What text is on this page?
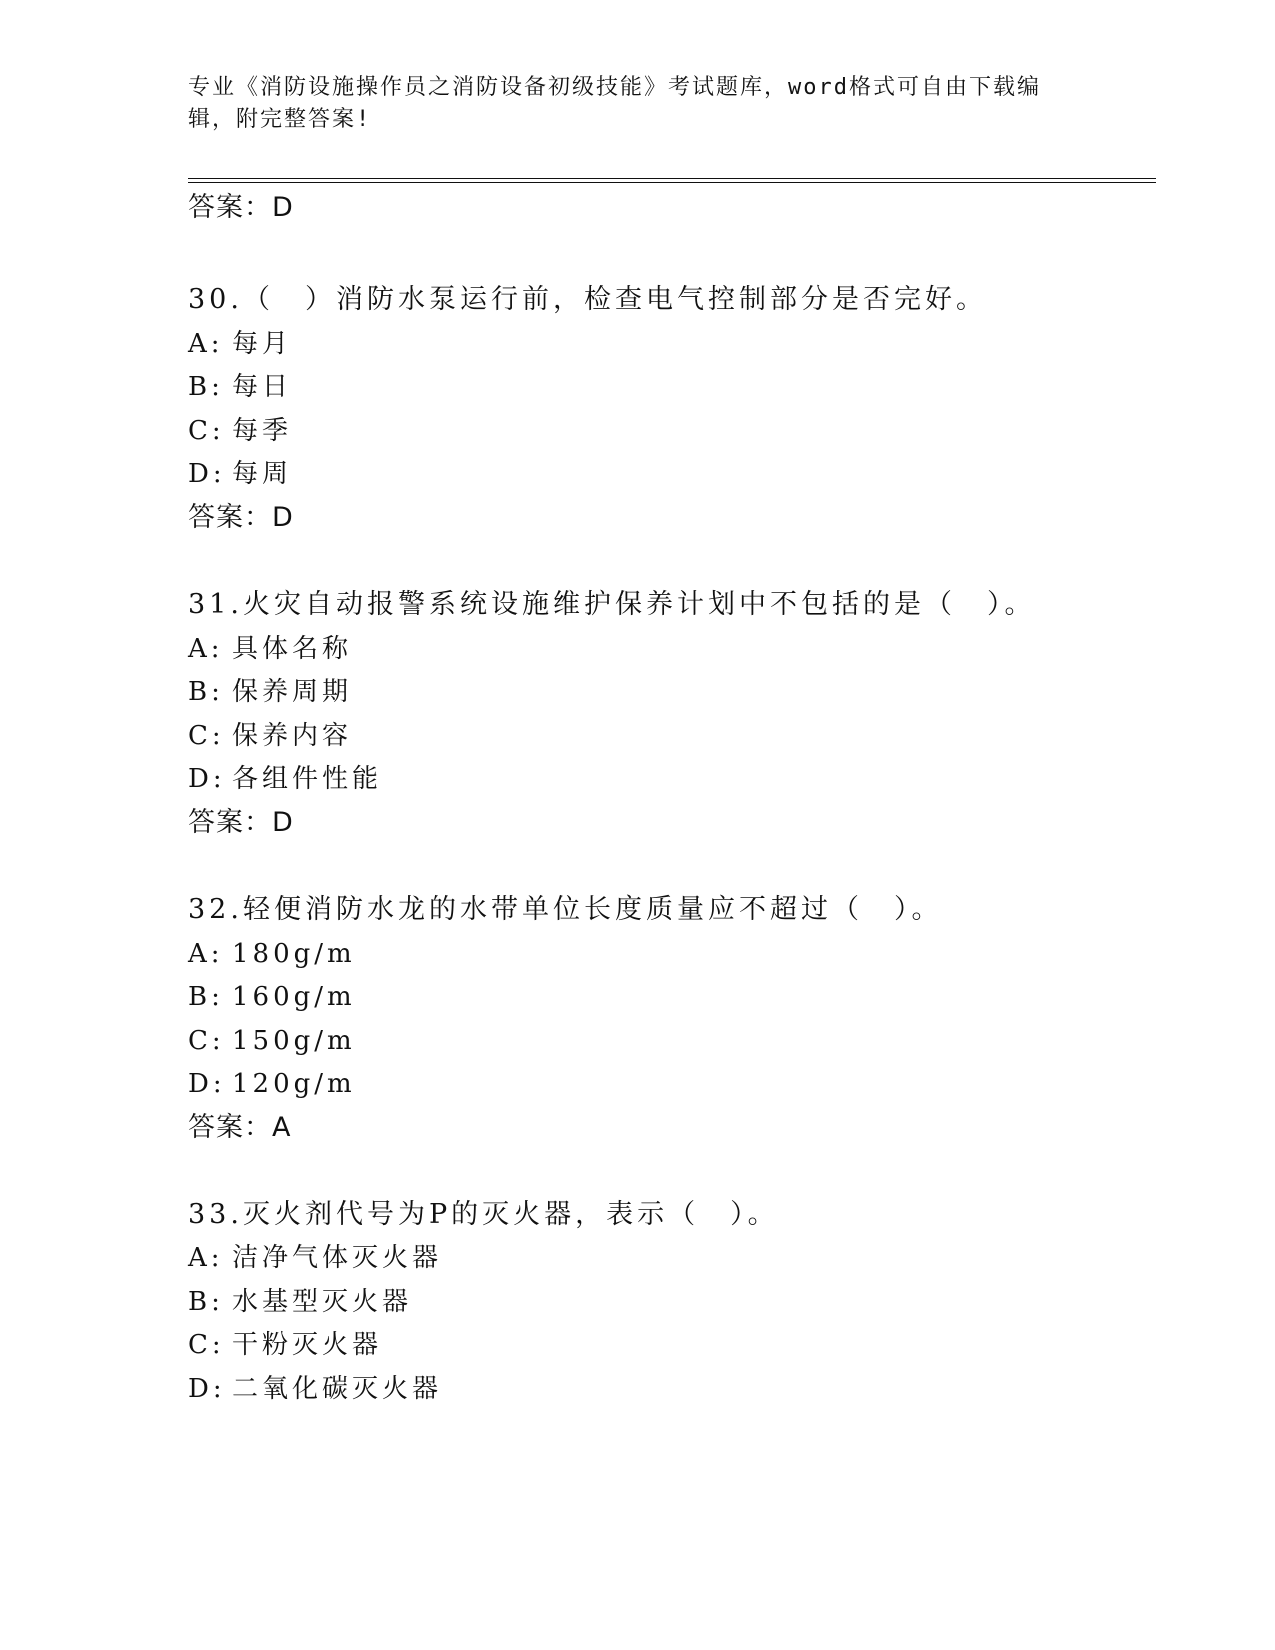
专业《消防设施操作员之消防设备初级技能》考试题库，word格式可自由下载编辑，附完整答案!
答案：D
30.（　）消防水泵运行前，检查电气控制部分是否完好。
A: 每月
B: 每日
C: 每季
D: 每周
答案：D
31.火灾自动报警系统设施维护保养计划中不包括的是（　）。
A: 具体名称
B: 保养周期
C: 保养内容
D: 各组件性能
答案：D
32.轻便消防水龙的水带单位长度质量应不超过（　）。
A: 180g/m
B: 160g/m
C: 150g/m
D: 120g/m
答案：A
33.灭火剂代号为P的灭火器，表示（　）。
A: 洁净气体灭火器
B: 水基型灭火器
C: 干粉灭火器
D: 二氧化碳灭火器
